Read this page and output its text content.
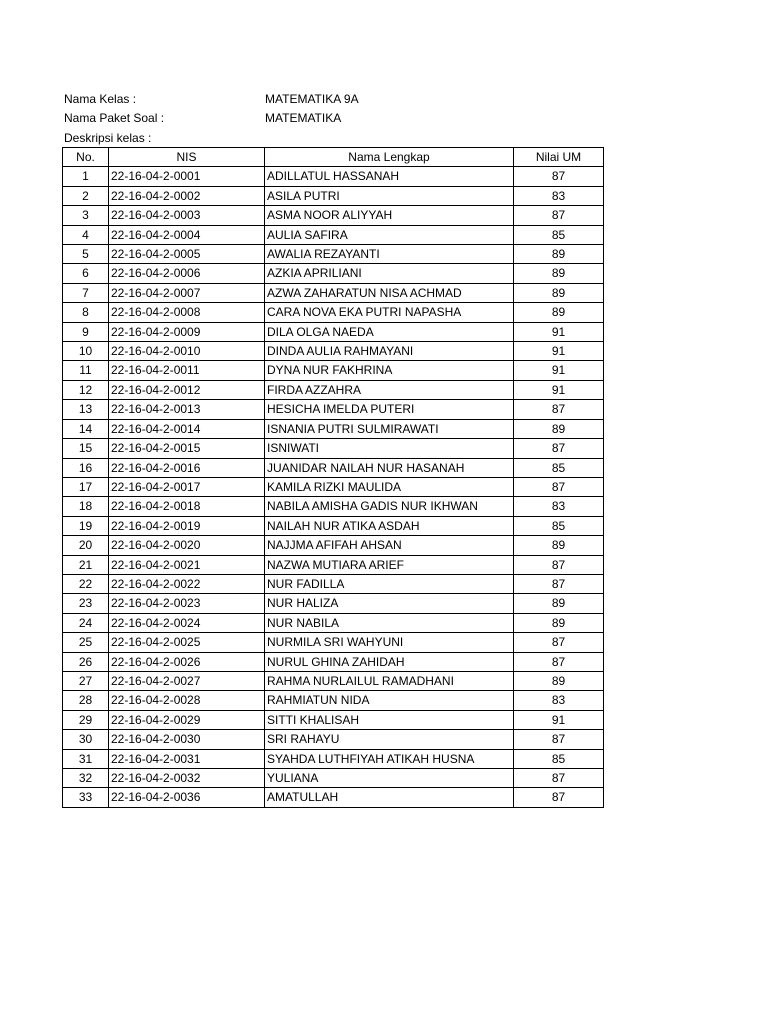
Nama Kelas :	MATEMATIKA 9A
Nama Paket Soal :	MATEMATIKA
Deskripsi kelas :
No.	NIS	Nama Lengkap	Nilai UM
1	22-16-04-2-0001	ADILLATUL HASSANAH	87
2	22-16-04-2-0002	ASILA PUTRI	83
3	22-16-04-2-0003	ASMA NOOR ALIYYAH	87
4	22-16-04-2-0004	AULIA SAFIRA	85
5	22-16-04-2-0005	AWALIA REZAYANTI	89
6	22-16-04-2-0006	AZKIA APRILIANI	89
7	22-16-04-2-0007	AZWA ZAHARATUN NISA ACHMAD	89
8	22-16-04-2-0008	CARA NOVA EKA PUTRI NAPASHA	89
9	22-16-04-2-0009	DILA OLGA NAEDA	91
10	22-16-04-2-0010	DINDA AULIA RAHMAYANI	91
11	22-16-04-2-0011	DYNA NUR FAKHRINA	91
12	22-16-04-2-0012	FIRDA AZZAHRA	91
13	22-16-04-2-0013	HESICHA IMELDA PUTERI	87
14	22-16-04-2-0014	ISNANIA PUTRI SULMIRAWATI	89
15	22-16-04-2-0015	ISNIWATI	87
16	22-16-04-2-0016	JUANIDAR NAILAH NUR HASANAH	85
17	22-16-04-2-0017	KAMILA RIZKI MAULIDA	87
18	22-16-04-2-0018	NABILA AMISHA GADIS NUR IKHWAN	83
19	22-16-04-2-0019	NAILAH NUR ATIKA ASDAH	85
20	22-16-04-2-0020	NAJJMA AFIFAH AHSAN	89
21	22-16-04-2-0021	NAZWA MUTIARA ARIEF	87
22	22-16-04-2-0022	NUR FADILLA	87
23	22-16-04-2-0023	NUR HALIZA	89
24	22-16-04-2-0024	NUR NABILA	89
25	22-16-04-2-0025	NURMILA SRI WAHYUNI	87
26	22-16-04-2-0026	NURUL GHINA ZAHIDAH	87
27	22-16-04-2-0027	RAHMA NURLAILUL RAMADHANI	89
28	22-16-04-2-0028	RAHMIATUN NIDA	83
29	22-16-04-2-0029	SITTI KHALISAH	91
30	22-16-04-2-0030	SRI RAHAYU	87
31	22-16-04-2-0031	SYAHDA LUTHFIYAH ATIKAH HUSNA	85
32	22-16-04-2-0032	YULIANA	87
33	22-16-04-2-0036	AMATULLAH	87
